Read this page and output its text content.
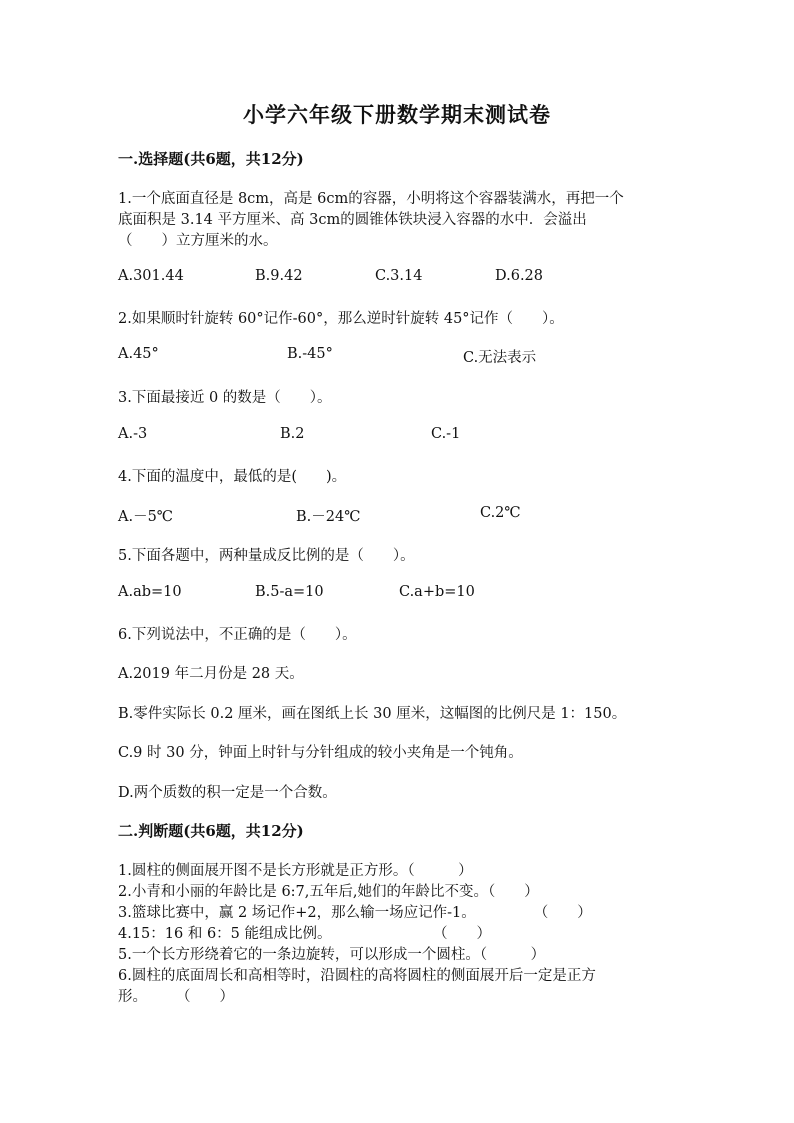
小学六年级下册数学期末测试卷
一.选择题(共6题，共12分)
1.一个底面直径是 8cm，高是 6cm的容器，小明将这个容器装满水，再把一个
底面积是 3.14 平方厘米、高 3cm的圆锥体铁块浸入容器的水中．会溢出
（　　）立方厘米的水。
A.301.44	B.9.42	C.3.14	D.6.28
2.如果顺时针旋转 60°记作-60°，那么逆时针旋转 45°记作（　　）。
A.45°	B.-45°	C.无法表示
3.下面最接近 0 的数是（　　）。
A.-3	B.2	C.-1
4.下面的温度中，最低的是(　　)。
A.－5℃	B.－24℃	C.2℃
5.下面各题中，两种量成反比例的是（　　）。
A.ab=10	B.5-a=10	C.a+b=10
6.下列说法中，不正确的是（　　）。
A.2019 年二月份是 28 天。
B.零件实际长 0.2 厘米，画在图纸上长 30 厘米，这幅图的比例尺是 1：150。
C.9 时 30 分，钟面上时针与分针组成的较小夹角是一个钝角。
D.两个质数的积一定是一个合数。
二.判断题(共6题，共12分)
1.圆柱的侧面展开图不是长方形就是正方形。（　　　）
2.小青和小丽的年龄比是 6:7,五年后,她们的年龄比不变。（　　）
3.篮球比赛中，赢 2 场记作+2，那么输一场应记作-1。　　　　　（　　）
4.15：16 和 6：5 能组成比例。　　　　　　　　（　　）
5.一个长方形绕着它的一条边旋转，可以形成一个圆柱。（　　　）
6.圆柱的底面周长和高相等时，沿圆柱的高将圆柱的侧面展开后一定是正方
形。　　　（　　）
